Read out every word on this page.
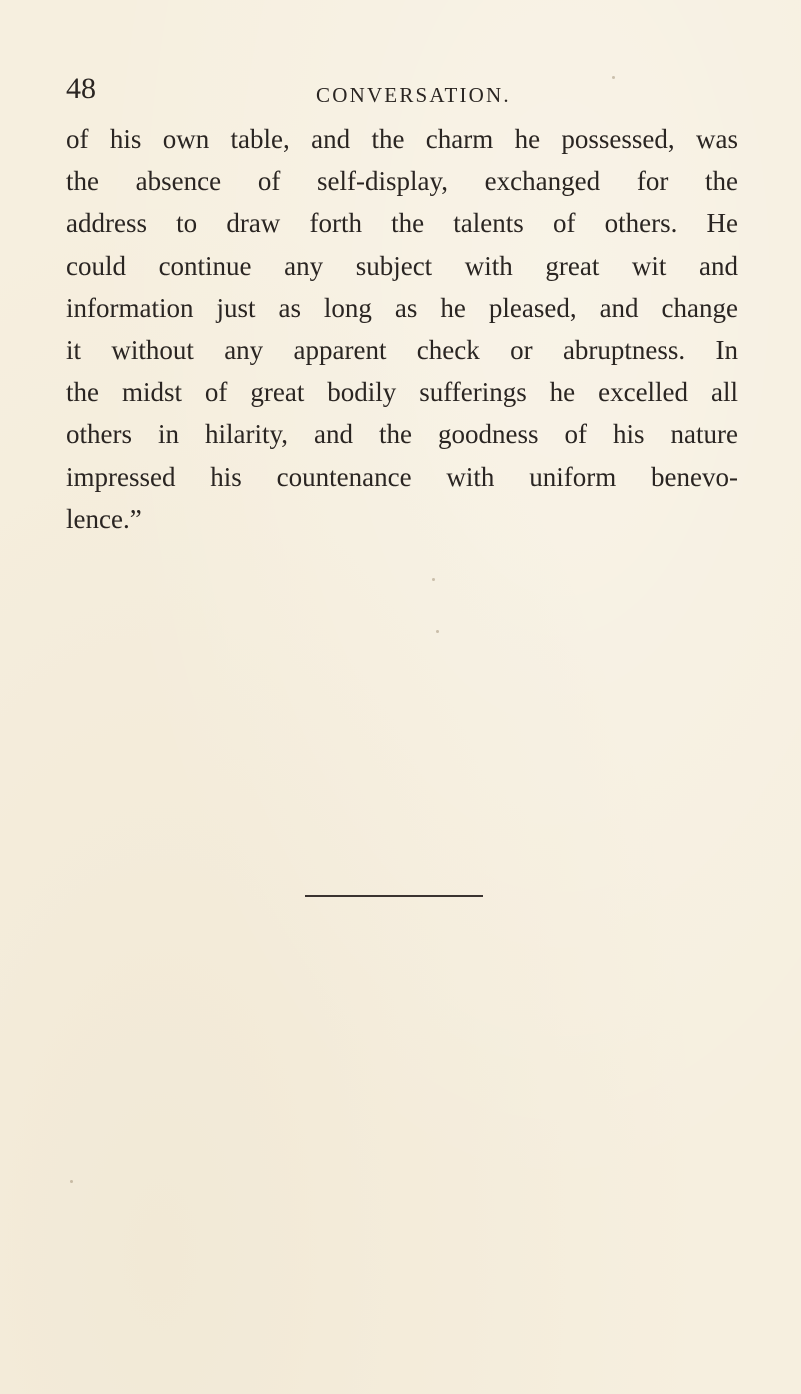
48	CONVERSATION.
of his own table, and the charm he possessed, was
the absence of self-display, exchanged for the
address to draw forth the talents of others. He
could continue any subject with great wit and
information just as long as he pleased, and change
it without any apparent check or abruptness. In
the midst of great bodily sufferings he excelled all
others in hilarity, and the goodness of his nature
impressed his countenance with uniform benevo-
lence.”
